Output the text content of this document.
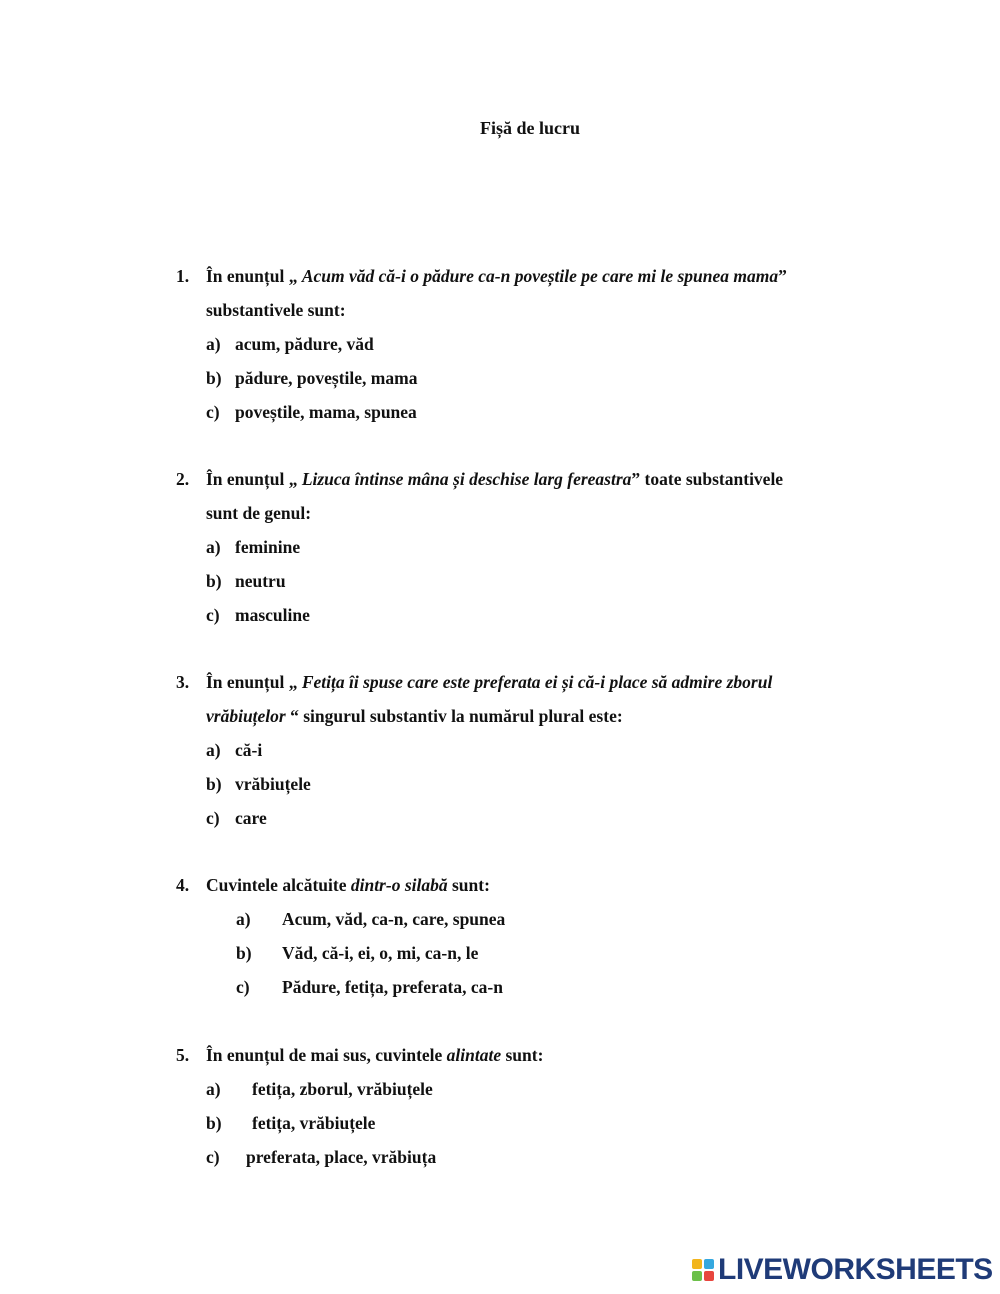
Fișă de lucru
1. În enunțul „ Acum văd că-i o pădure ca-n poveștile pe care mi le spunea mama”
substantivele sunt:
a) acum, pădure, văd
b) pădure, poveștile, mama
c) poveștile, mama, spunea
2. În enunțul „ Lizuca întinse mâna și deschise larg fereastra” toate substantivele
sunt de genul:
a) feminine
b) neutru
c) masculine
3. În enunțul „ Fetița îi spuse care este preferata ei și că-i place să admire zborul
vrăbiuțelor “ singurul substantiv la numărul plural este:
a) că-i
b) vrăbiuțele
c) care
4. Cuvintele alcătuite dintr-o silabă sunt:
a) Acum, văd, ca-n, care, spunea
b) Văd, că-i, ei, o, mi, ca-n, le
c) Pădure, fetița, preferata, ca-n
5. În enunțul de mai sus, cuvintele alintate sunt:
a) fetița, zborul, vrăbiuțele
b) fetița, vrăbiuțele
c) preferata, place, vrăbiuța
LIVEWORKSHEETS
